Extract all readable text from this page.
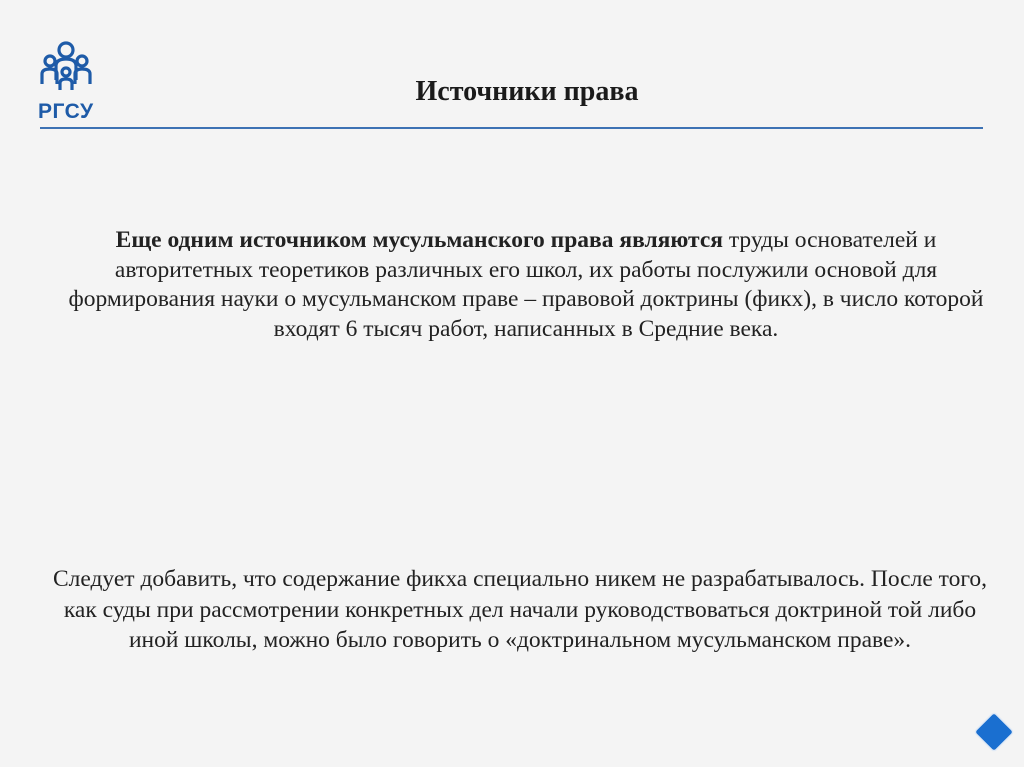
РГСУ
Источники права
Еще одним источником мусульманского права являются труды основателей и авторитетных теоретиков различных его школ, их работы послужили основой для формирования науки о мусульманском праве – правовой доктрины (фикх), в число которой входят 6 тысяч работ, написанных в Средние века.
Следует добавить, что содержание фикха специально никем не разрабатывалось. После того, как суды при рассмотрении конкретных дел начали руководствоваться доктриной той либо иной школы, можно было говорить о «доктринальном мусульманском праве».
